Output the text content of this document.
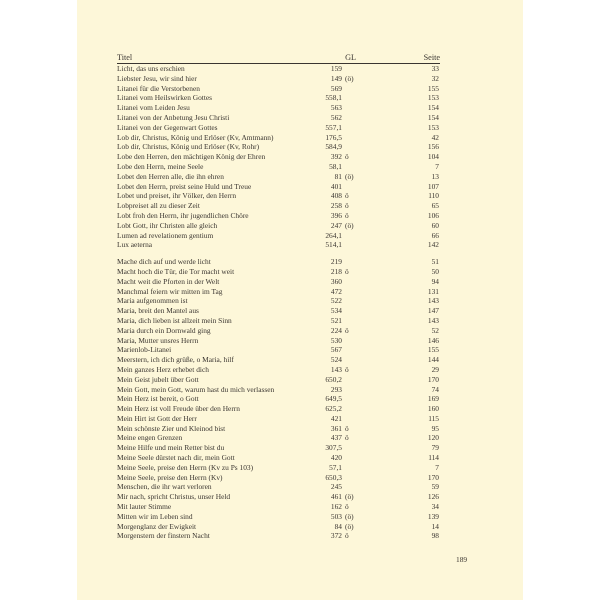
Titel	GL	Seite
Licht, das uns erschien	159	33
Liebster Jesu, wir sind hier	149 (ö)	32
Litanei für die Verstorbenen	569	155
Litanei vom Heilswirken Gottes	558,1	153
Litanei vom Leiden Jesu	563	154
Litanei von der Anbetung Jesu Christi	562	154
Litanei von der Gegenwart Gottes	557,1	153
Lob dir, Christus, König und Erlöser (Kv, Amtmann)	176,5	42
Lob dir, Christus, König und Erlöser (Kv, Rohr)	584,9	156
Lobe den Herren, den mächtigen König der Ehren	392 ö	104
Lobe den Herrn, meine Seele	58,1	7
Lobet den Herren alle, die ihn ehren	81 (ö)	13
Lobet den Herrn, preist seine Huld und Treue	401	107
Lobet und preiset, ihr Völker, den Herrn	408 ö	110
Lobpreiset all zu dieser Zeit	258 ö	65
Lobt froh den Herrn, ihr jugendlichen Chöre	396 ö	106
Lobt Gott, ihr Christen alle gleich	247 (ö)	60
Lumen ad revelationem gentium	264,1	66
Lux aeterna	514,1	142
Mache dich auf und werde licht	219	51
Macht hoch die Tür, die Tor macht weit	218 ö	50
Macht weit die Pforten in der Welt	360	94
Manchmal feiern wir mitten im Tag	472	131
Maria aufgenommen ist	522	143
Maria, breit den Mantel aus	534	147
Maria, dich lieben ist allzeit mein Sinn	521	143
Maria durch ein Dornwald ging	224 ö	52
Maria, Mutter unsres Herrn	530	146
Marienlob-Litanei	567	155
Meerstern, ich dich grüße, o Maria, hilf	524	144
Mein ganzes Herz erhebet dich	143 ö	29
Mein Geist jubelt über Gott	650,2	170
Mein Gott, mein Gott, warum hast du mich verlassen	293	74
Mein Herz ist bereit, o Gott	649,5	169
Mein Herz ist voll Freude über den Herrn	625,2	160
Mein Hirt ist Gott der Herr	421	115
Mein schönste Zier und Kleinod bist	361 ö	95
Meine engen Grenzen	437 ö	120
Meine Hilfe und mein Retter bist du	307,5	79
Meine Seele dürstet nach dir, mein Gott	420	114
Meine Seele, preise den Herrn (Kv zu Ps 103)	57,1	7
Meine Seele, preise den Herrn (Kv)	650,3	170
Menschen, die ihr wart verloren	245	59
Mir nach, spricht Christus, unser Held	461 (ö)	126
Mit lauter Stimme	162 ö	34
Mitten wir im Leben sind	503 (ö)	139
Morgenglanz der Ewigkeit	84 (ö)	14
Morgenstern der finstern Nacht	372 ö	98
189
